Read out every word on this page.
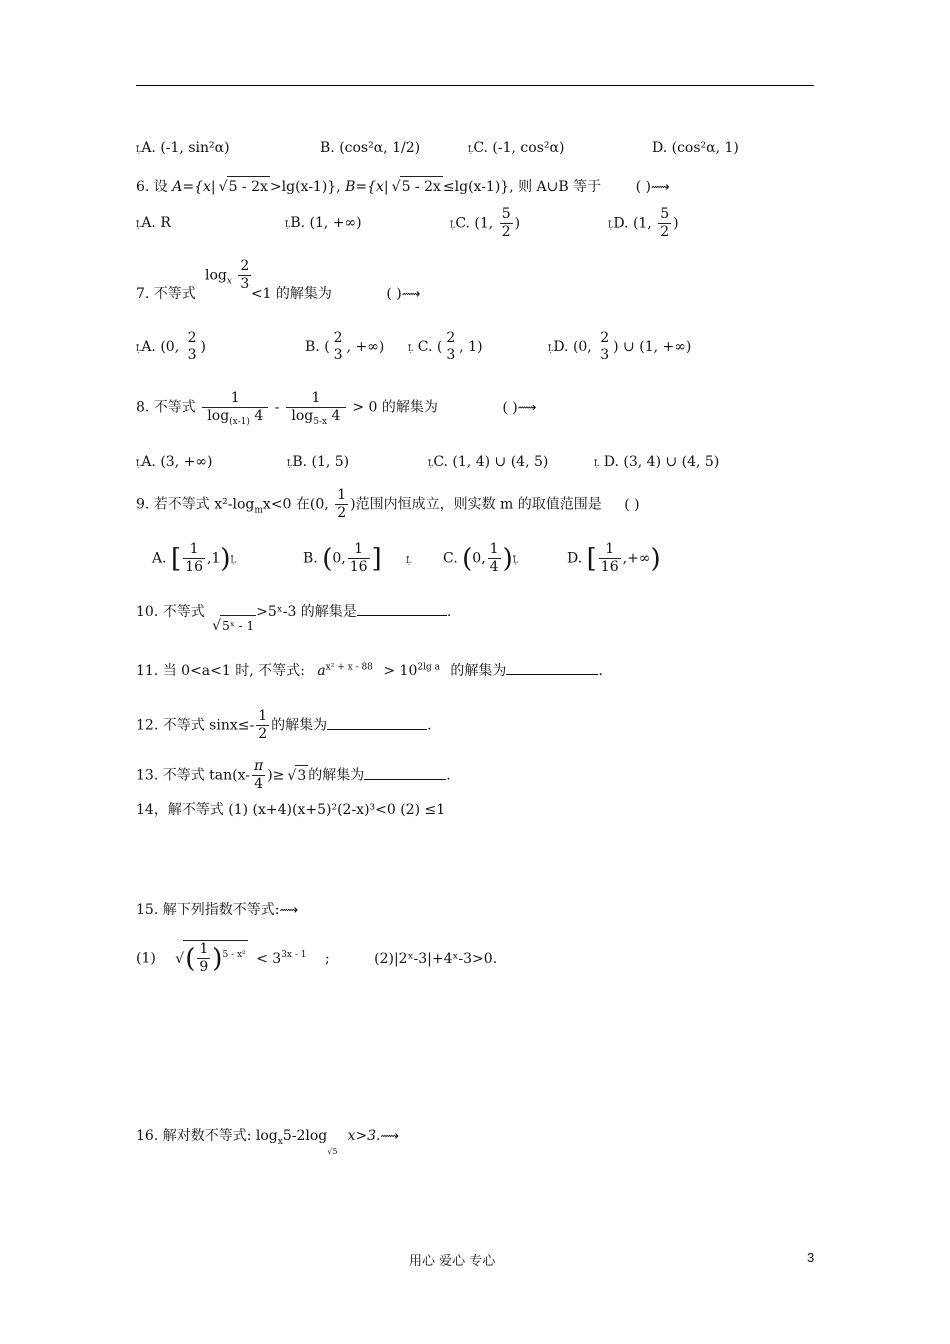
ḸA. (-1, sin²α)	B. (cos²α, 1/2)	ḸC. (-1, cos²α)	D. (cos²α, 1)
6. 设 A={x| √ 5 - 2x >lg(x-1)}, B={x| √ 5 - 2x ≤lg(x-1)}, 则 A∪B 等于 ( )⟿
ḸA. R	ḸB. (1, +∞)	ḸC. (1, $\frac{5}{2}$ )	ḸD. (1, $\frac{5}{2}$ )
$\log_x \frac{2}{3}$
7. 不等式	<1 的解集为	( )⟿
ḸA. (0,
2
3 )	B. (
2
3 , +∞)	Ḹ C. (
2
3 , 1)	ḸD. (0,
2
3 ) ∪ (1, +∞)
8. 不等式 $\frac{1}{\log_{(x-1)} 4} - \frac{1}{\log_{5-x} 4} > 0$ 的解集为	( )⟿
ḸA. (3, +∞)	ḸB. (1, 5)	ḸC. (1, 4) ∪ (4, 5)	Ḹ D. (3, 4) ∪ (4, 5)
9. 若不等式 $x^2-\log_mx<0$ 在(0, $\frac{1}{2}$ )范围内恒成立，则实数 m 的取值范围是 ( )
A. [ $\frac{1}{16}$ ,1)Ḹ	B. (0, $\frac{1}{16}$ ]	Ḹ C. (0, $\frac{1}{4}$ )Ḹ	D. [ $\frac{1}{16}$ ,+∞)
10. 不等式 √ 5ˣ - 1>5ˣ-3 的解集是	.
11. 当 0<a<1 时, 不等式: $a^{x^2 + x - 88} > 10^{2lg a}$ 的解集为	.
12. 不等式 $\sin x\le- \frac{1}{2}$ 的解集为	.
13. 不等式 $\tan(x- \frac{\pi}{4}$ )≥ √ 3 的解集为	.
14，解不等式 (1) (x+4)(x+5)²(2-x)³<0 (2) ≤1
15. 解下列指数不等式:⟿
(1) √ ( $\frac{1}{9} )^{5 - x^2} < 3^{3x - 1}$ ;	(2)|2ˣ-3|+4ˣ-3>0.
16. 解对数不等式: $\log_x5-2\log_{√5}x>3.⟿$
用心 爱心 专心	3
